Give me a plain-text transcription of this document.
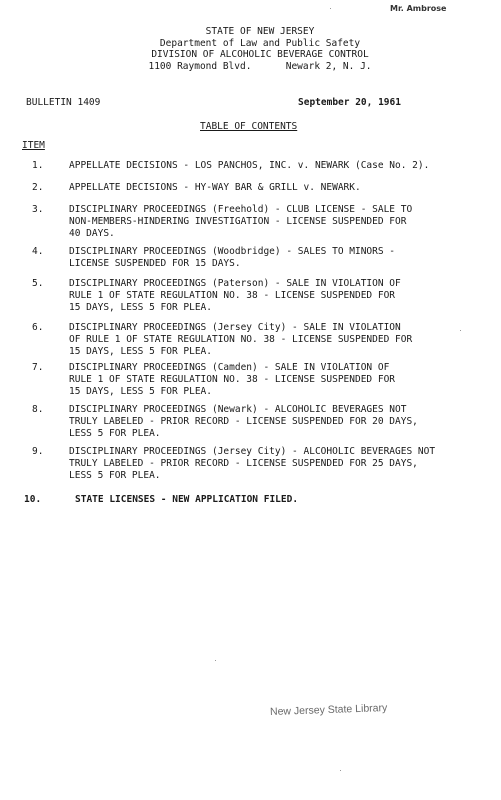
Mr. Ambrose
STATE OF NEW JERSEY
Department of Law and Public Safety
DIVISION OF ALCOHOLIC BEVERAGE CONTROL
1100 Raymond Blvd.      Newark 2, N. J.
BULLETIN 1409	September 20, 1961
TABLE OF CONTENTS
ITEM
1.	APPELLATE DECISIONS - LOS PANCHOS, INC. v. NEWARK (Case No. 2).
2.	APPELLATE DECISIONS - HY-WAY BAR & GRILL v. NEWARK.
3.	DISCIPLINARY PROCEEDINGS (Freehold) - CLUB LICENSE - SALE TO
NON-MEMBERS-HINDERING INVESTIGATION - LICENSE SUSPENDED FOR
40 DAYS.
4.	DISCIPLINARY PROCEEDINGS (Woodbridge) - SALES TO MINORS -
LICENSE SUSPENDED FOR 15 DAYS.
5.	DISCIPLINARY PROCEEDINGS (Paterson) - SALE IN VIOLATION OF
RULE 1 OF STATE REGULATION NO. 38 - LICENSE SUSPENDED FOR
15 DAYS, LESS 5 FOR PLEA.
6.	DISCIPLINARY PROCEEDINGS (Jersey City) - SALE IN VIOLATION
OF RULE 1 OF STATE REGULATION NO. 38 - LICENSE SUSPENDED FOR
15 DAYS, LESS 5 FOR PLEA.
7.	DISCIPLINARY PROCEEDINGS (Camden) - SALE IN VIOLATION OF
RULE 1 OF STATE REGULATION NO. 38 - LICENSE SUSPENDED FOR
15 DAYS, LESS 5 FOR PLEA.
8.	DISCIPLINARY PROCEEDINGS (Newark) - ALCOHOLIC BEVERAGES NOT
TRULY LABELED - PRIOR RECORD - LICENSE SUSPENDED FOR 20 DAYS,
LESS 5 FOR PLEA.
9.	DISCIPLINARY PROCEEDINGS (Jersey City) - ALCOHOLIC BEVERAGES NOT
TRULY LABELED - PRIOR RECORD - LICENSE SUSPENDED FOR 25 DAYS,
LESS 5 FOR PLEA.
10.	STATE LICENSES - NEW APPLICATION FILED.
New Jersey State Library
